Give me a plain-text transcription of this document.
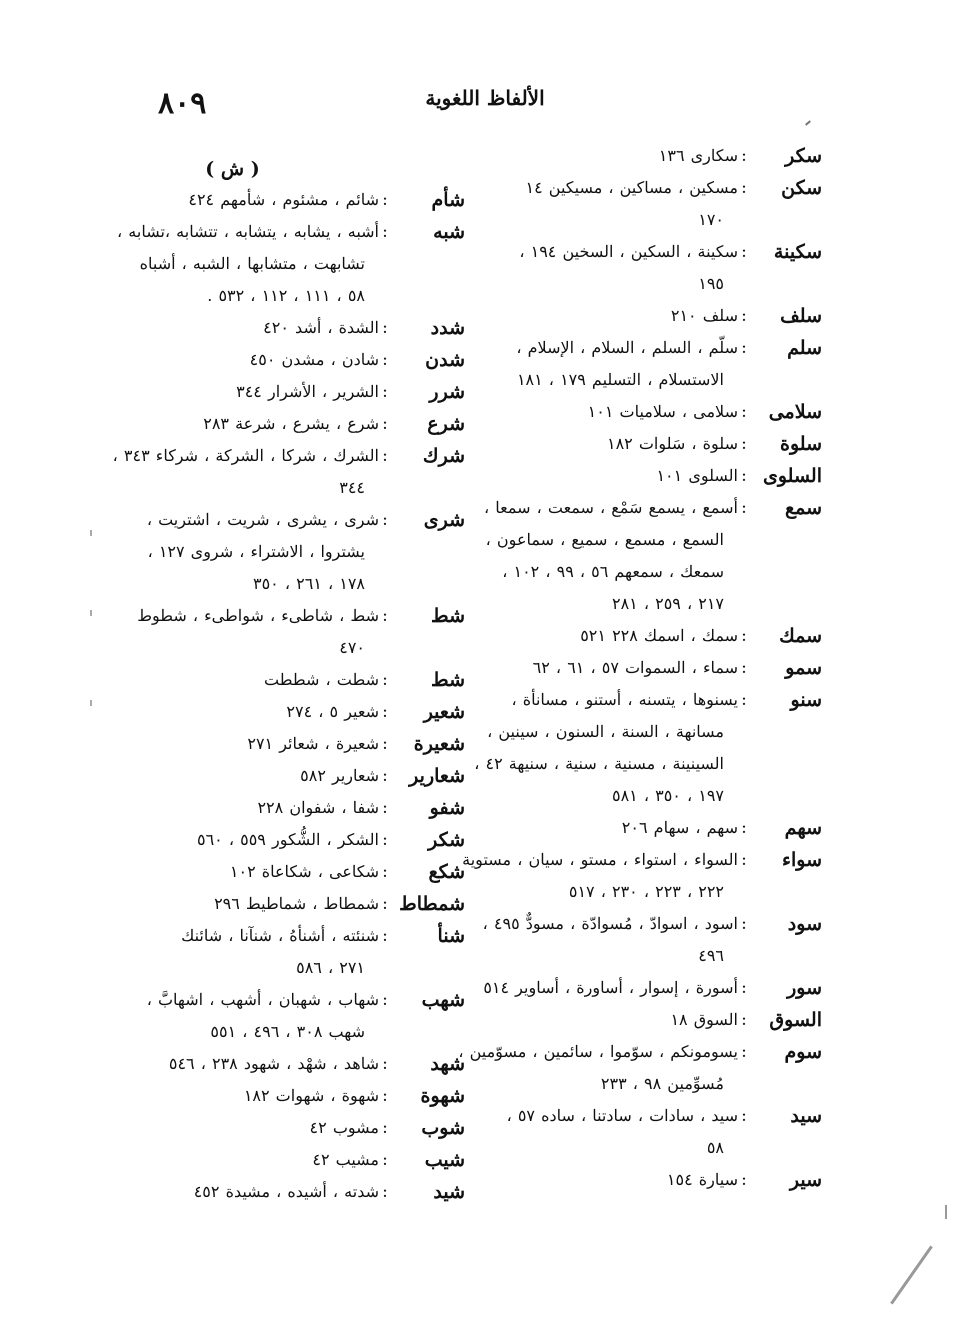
٨٠٩	الألفاظ اللغوية
سكر
:
سكارى ١٣٦
سكن
:
مسكين ، مساكين ، مسيكين ١٤
١٧٠
سكينة
:
سكينة ، السكين ، السخين ١٩٤ ،
١٩٥
سلف
:
سلف ٢١٠
سلم
:
سلّم ، السلم ، السلام ، الإسلام ،
الاستسلام ، التسليم ١٧٩ ، ١٨١
سلامى
:
سلامى ، سلاميات ١٠١
سلوة
:
سلوة ، سَلوات ١٨٢
السلوى
:
السلوى ١٠١
سمع
:
أسمع ، يسمع سَمْع ، سمعت ، سمعا ،
السمع ، مسمع ، سميع ، سماعون ،
سمعك ، سمعهم ٥٦ ، ٩٩ ، ١٠٢ ،
٢١٧ ، ٢٥٩ ، ٢٨١
سمك
:
سمك ، اسمك ٢٢٨ ٥٢١
سمو
:
سماء ، السموات ٥٧ ، ٦١ ، ٦٢
سنو
:
يسنوها ، يتسنه ، أستنو ، مسانأة ،
مسانهة ، السنة ، السنون ، سينين ،
السينينة ، مسنية ، سنية ، سنيهة ٤٢ ،
١٩٧ ، ٣٥٠ ، ٥٨١
سهم
:
سهم ، سهام ٢٠٦
سواء
:
السواء ، استواء ، مستو ، سيان ، مستوية
٢٢٢ ، ٢٢٣ ، ٢٣٠ ، ٥١٧
سود
:
اسود ، اسوادّ ، مُسوادّة ، مسودٌّ ٤٩٥ ،
٤٩٦
سور
:
أسورة ، إسوار ، أساورة ، أساوير ٥١٤
السوق
:
السوق ١٨
سوم
:
يسومونكم ، سوّموا ، سائمين ، مسوّمين ،
مُسوِّمين ٩٨ ، ٢٣٣
سيد
:
سيد ، سادات ، سادتنا ، ساده ٥٧ ،
٥٨
سير
:
سيارة ١٥٤
( ش )
شأم
:
شائم ، مشئوم ، شأمهم ٤٢٤
شبه
:
أشبه ، يشابه ، يتشابه ، تتشابه ،تشابه ،
تشابهت ، متشابها ، الشبه ، أشباه
٥٨ ، ١١١ ، ١١٢ ، ٥٣٢ .
شدد
:
الشدة ، أشد ٤٢٠
شدن
:
شادن ، مشدن ٤٥٠
شرر
:
الشرير ، الأشرار ٣٤٤
شرع
:
شرع ، يشرع ، شرعة ٢٨٣
شرك
:
الشرك ، شركا ، الشركة ، شركاء ٣٤٣ ،
٣٤٤
شرى
:
شرى ، يشرى ، شريت ، اشتريت ،
يشتروا ، الاشتراء ، شروى ١٢٧ ،
١٧٨ ، ٢٦١ ، ٣٥٠
شط
:
شط ، شاطىء ، شواطىء ، شطوط
٤٧٠
شط
:
شطت ، شططت
شعير
:
شعير ٥ ، ٢٧٤
شعيرة
:
شعيرة ، شعائر ٢٧١
شعارير
:
شعارير ٥٨٢
شفو
:
شفا ، شفوان ٢٢٨
شكر
:
الشكر ، الشُّكور ٥٥٩ ، ٥٦٠
شكع
:
شكاعى ، شكاعاة ١٠٢
شمطاط
:
شمطاط ، شماطيط ٢٩٦
شنأ
:
شنئته ، أشنأهُ ، شنآنا ، شائنك
٢٧١ ، ٥٨٦
شهب
:
شهاب ، شهبان ، أشهب ، اشهابَّ ،
شهب ٣٠٨ ، ٤٩٦ ، ٥٥١
شهد
:
شاهد ، شهْد ، شهود ٢٣٨ ، ٥٤٦
شهوة
:
شهوة ، شهوات ١٨٢
شوب
:
مشوب ٤٢
شيب
:
مشيب ٤٢
شيد
:
شدته ، أشيده ، مشيدة ٤٥٢
